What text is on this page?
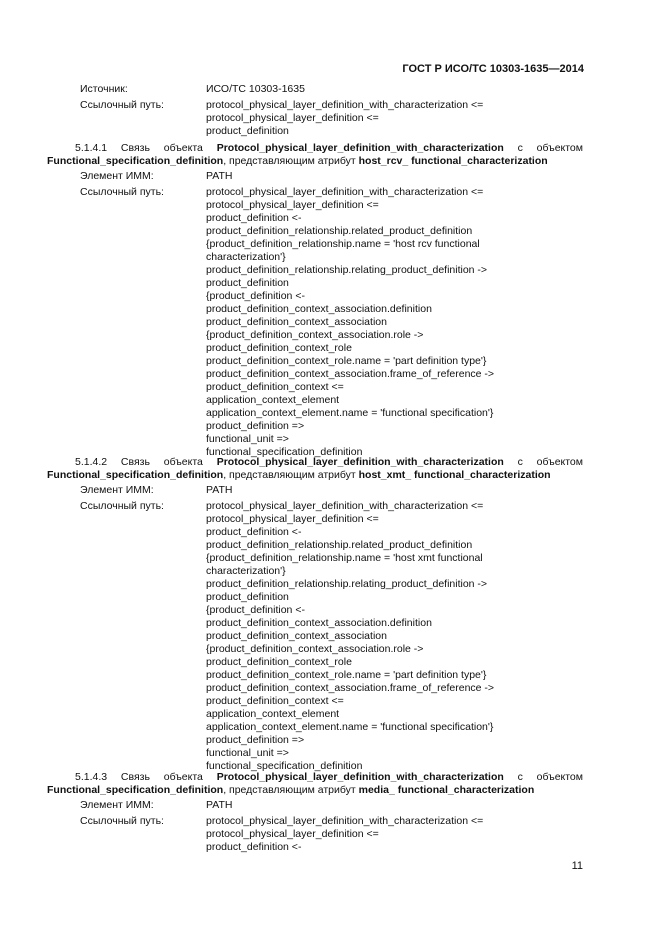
ГОСТ Р ИСО/ТС 10303-1635—2014
Источник:	ИСО/ТС 10303-1635
Ссылочный путь:	protocol_physical_layer_definition_with_characterization <=
protocol_physical_layer_definition <=
product_definition
5.1.4.1 Связь объекта Protocol_physical_layer_definition_with_characterization с объектом
Functional_specification_definition, представляющим атрибут host_rcv_ functional_characterization
Элемент ИММ:	PATH
Ссылочный путь:	protocol_physical_layer_definition_with_characterization <=
protocol_physical_layer_definition <=
product_definition <-
product_definition_relationship.related_product_definition
{product_definition_relationship.name = 'host rcv functional
characterization'}
product_definition_relationship.relating_product_definition ->
product_definition
{product_definition <-
product_definition_context_association.definition
product_definition_context_association
{product_definition_context_association.role ->
product_definition_context_role
product_definition_context_role.name = 'part definition type'}
product_definition_context_association.frame_of_reference ->
product_definition_context <=
application_context_element
application_context_element.name = 'functional specification'}
product_definition =>
functional_unit =>
functional_specification_definition
5.1.4.2 Связь объекта Protocol_physical_layer_definition_with_characterization с объектом
Functional_specification_definition, представляющим атрибут host_xmt_ functional_characterization
Элемент ИММ:	PATH
Ссылочный путь:	protocol_physical_layer_definition_with_characterization <=
protocol_physical_layer_definition <=
product_definition <-
product_definition_relationship.related_product_definition
{product_definition_relationship.name = 'host xmt functional
characterization'}
product_definition_relationship.relating_product_definition ->
product_definition
{product_definition <-
product_definition_context_association.definition
product_definition_context_association
{product_definition_context_association.role ->
product_definition_context_role
product_definition_context_role.name = 'part definition type'}
product_definition_context_association.frame_of_reference ->
product_definition_context <=
application_context_element
application_context_element.name = 'functional specification'}
product_definition =>
functional_unit =>
functional_specification_definition
5.1.4.3 Связь объекта Protocol_physical_layer_definition_with_characterization с объектом
Functional_specification_definition, представляющим атрибут media_ functional_characterization
Элемент ИММ:	PATH
Ссылочный путь:	protocol_physical_layer_definition_with_characterization <=
protocol_physical_layer_definition <=
product_definition <-
11
